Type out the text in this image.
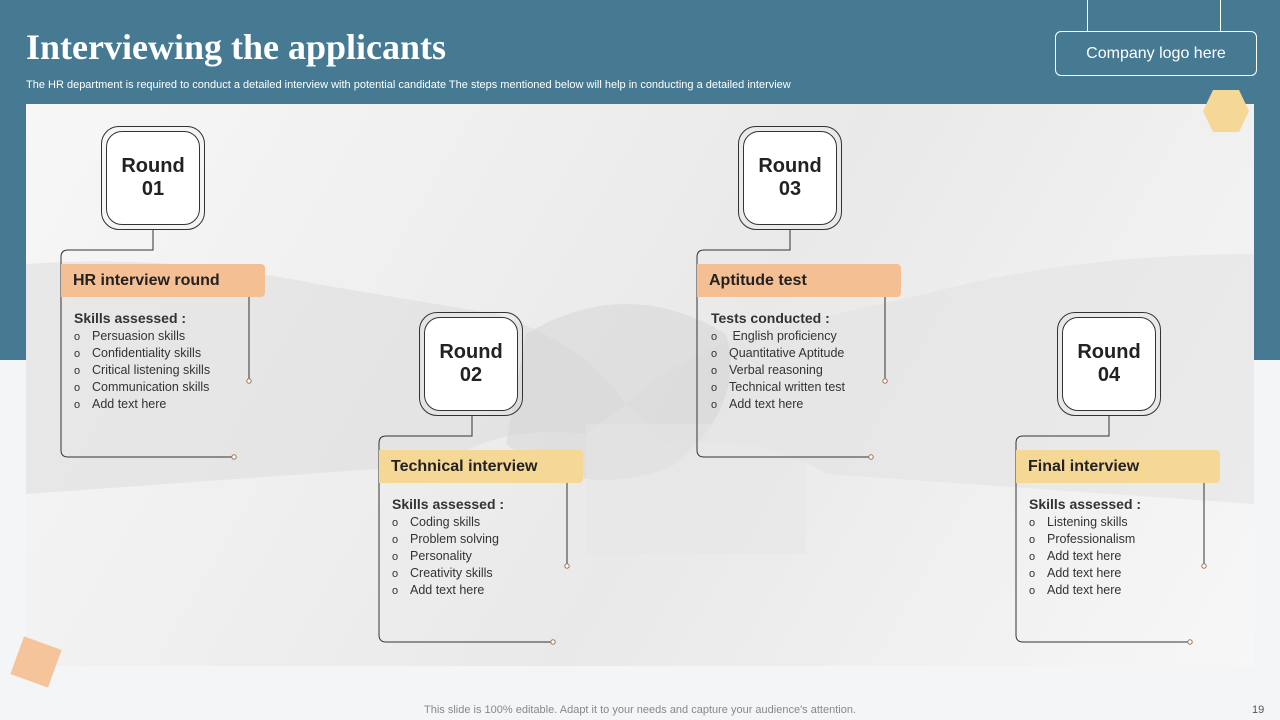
Interviewing the applicants
The HR department is required to conduct a detailed interview with potential candidate The steps mentioned below will help in conducting a detailed interview
Company logo here
Round
01
HR interview round
Skills assessed :
o Persuasion skills
o Confidentiality skills
o Critical listening skills
o Communication skills
o Add text here
Round
02
Technical interview
Skills assessed :
o Coding skills
o Problem solving
o Personality
o Creativity skills
o Add text here
Round
03
Aptitude test
Tests conducted :
o English proficiency
o Quantitative Aptitude
o Verbal reasoning
o Technical written test
o Add text here
Round
04
Final interview
Skills assessed :
o Listening skills
o Professionalism
o Add text here
o Add text here
o Add text here
This slide is 100% editable. Adapt it to your needs and capture your audience's attention.	19
